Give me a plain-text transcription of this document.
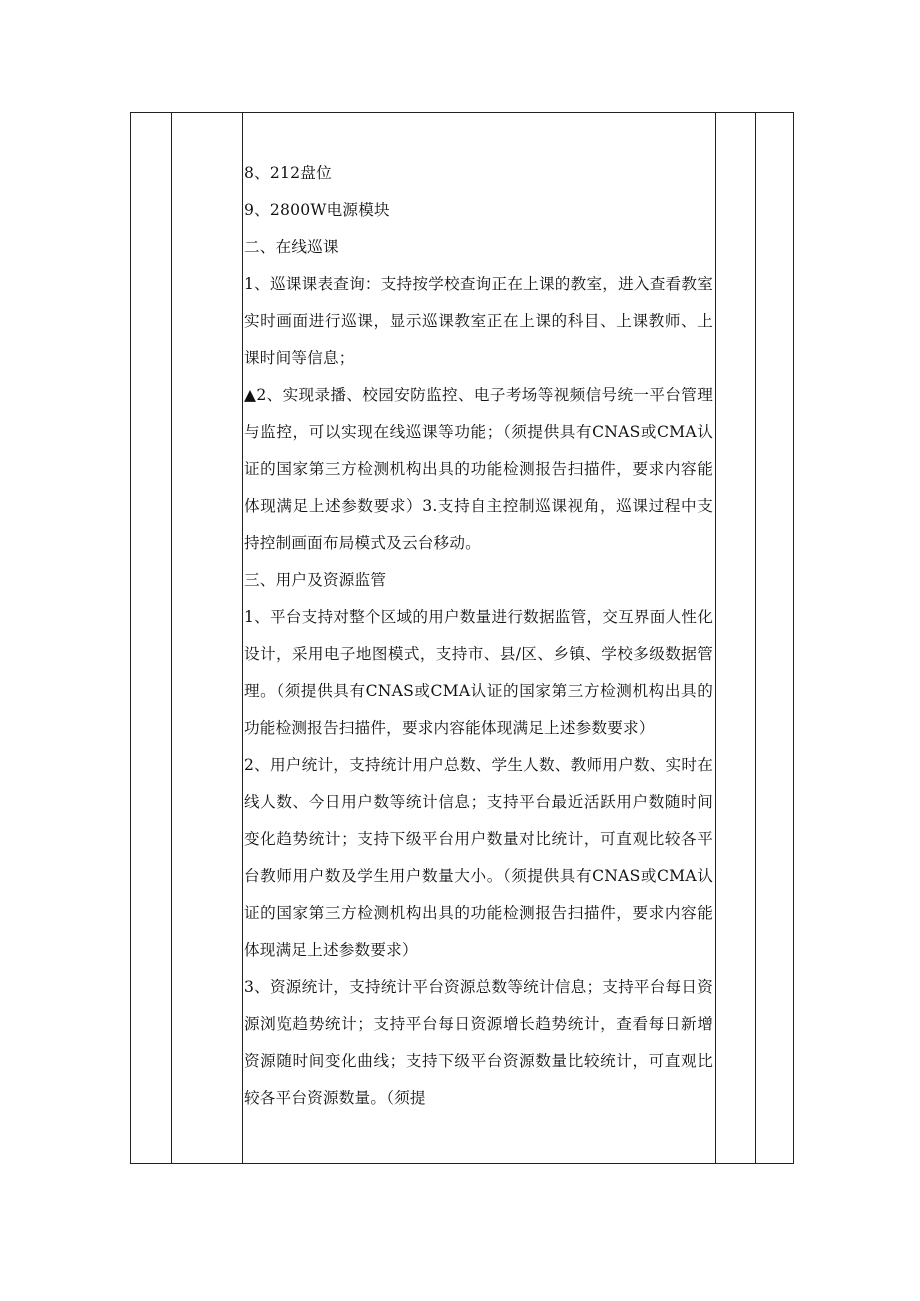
8、212盘位

9、2800W电源模块

二、在线巡课

1、巡课课表查询：支持按学校查询正在上课的教室，进入查看教室实时画面进行巡课，显示巡课教室正在上课的科目、上课教师、上课时间等信息；

▲2、实现录播、校园安防监控、电子考场等视频信号统一平台管理与监控，可以实现在线巡课等功能；（须提供具有CNAS或CMA认证的国家第三方检测机构出具的功能检测报告扫描件，要求内容能体现满足上述参数要求）3.支持自主控制巡课视角，巡课过程中支持控制画面布局模式及云台移动。

三、用户及资源监管

1、平台支持对整个区域的用户数量进行数据监管，交互界面人性化设计，采用电子地图模式，支持市、县/区、乡镇、学校多级数据管理。（须提供具有CNAS或CMA认证的国家第三方检测机构出具的功能检测报告扫描件，要求内容能体现满足上述参数要求）

2、用户统计，支持统计用户总数、学生人数、教师用户数、实时在线人数、今日用户数等统计信息；支持平台最近活跃用户数随时间变化趋势统计；支持下级平台用户数量对比统计，可直观比较各平台教师用户数及学生用户数量大小。（须提供具有CNAS或CMA认证的国家第三方检测机构出具的功能检测报告扫描件，要求内容能体现满足上述参数要求）

3、资源统计，支持统计平台资源总数等统计信息；支持平台每日资源浏览趋势统计；支持平台每日资源增长趋势统计，查看每日新增资源随时间变化曲线；支持下级平台资源数量比较统计，可直观比较各平台资源数量。（须提
